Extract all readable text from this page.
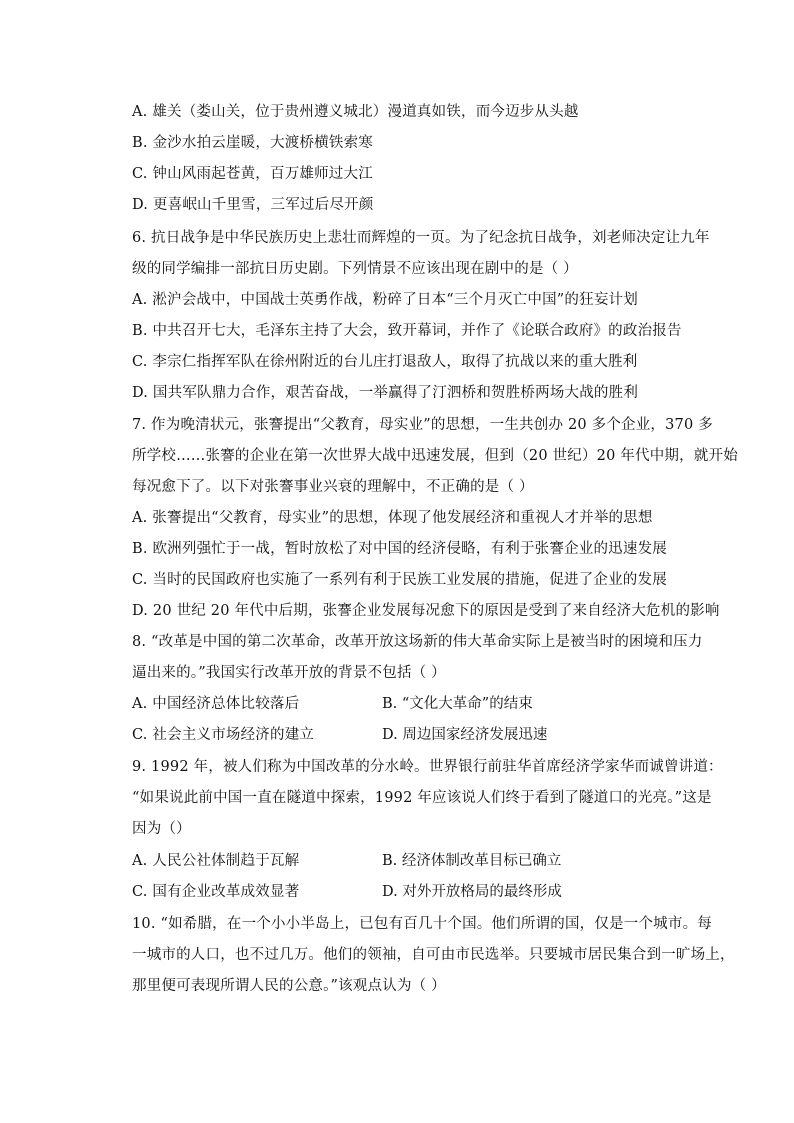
A. 雄关（娄山关，位于贵州遵义城北）漫道真如铁，而今迈步从头越
B. 金沙水拍云崖暖，大渡桥横铁索寒
C. 钟山风雨起苍黄，百万雄师过大江
D. 更喜岷山千里雪，三军过后尽开颜
6. 抗日战争是中华民族历史上悲壮而辉煌的一页。为了纪念抗日战争，刘老师决定让九年
级的同学编排一部抗日历史剧。下列情景不应该出现在剧中的是（ ）
A. 淞沪会战中，中国战士英勇作战，粉碎了日本“三个月灭亡中国”的狂妄计划
B. 中共召开七大，毛泽东主持了大会，致开幕词，并作了《论联合政府》的政治报告
C. 李宗仁指挥军队在徐州附近的台儿庄打退敌人，取得了抗战以来的重大胜利
D. 国共军队鼎力合作，艰苦奋战，一举赢得了汀泗桥和贺胜桥两场大战的胜利
7. 作为晚清状元，张謇提出“父教育，母实业”的思想，一生共创办 20 多个企业，370 多
所学校……张謇的企业在第一次世界大战中迅速发展，但到（20 世纪）20 年代中期，就开始
每况愈下了。以下对张謇事业兴衰的理解中，不正确的是（ ）
A. 张謇提出“父教育，母实业”的思想，体现了他发展经济和重视人才并举的思想
B. 欧洲列强忙于一战，暂时放松了对中国的经济侵略，有利于张謇企业的迅速发展
C. 当时的民国政府也实施了一系列有利于民族工业发展的措施，促进了企业的发展
D. 20 世纪 20 年代中后期，张謇企业发展每况愈下的原因是受到了来自经济大危机的影响
8. “改革是中国的第二次革命，改革开放这场新的伟大革命实际上是被当时的困境和压力
逼出来的。”我国实行改革开放的背景不包括（ ）
A. 中国经济总体比较落后	B. “文化大革命”的结束
C. 社会主义市场经济的建立	D. 周边国家经济发展迅速
9. 1992 年，被人们称为中国改革的分水岭。世界银行前驻华首席经济学家华而诚曾讲道：
“如果说此前中国一直在隧道中探索，1992 年应该说人们终于看到了隧道口的光亮。”这是
因为（）
A. 人民公社体制趋于瓦解	B. 经济体制改革目标已确立
C. 国有企业改革成效显著	D. 对外开放格局的最终形成
10. “如希腊，在一个小小半岛上，已包有百几十个国。他们所谓的国，仅是一个城市。每
一城市的人口，也不过几万。他们的领袖，自可由市民选举。只要城市居民集合到一旷场上，
那里便可表现所谓人民的公意。”该观点认为（ ）
